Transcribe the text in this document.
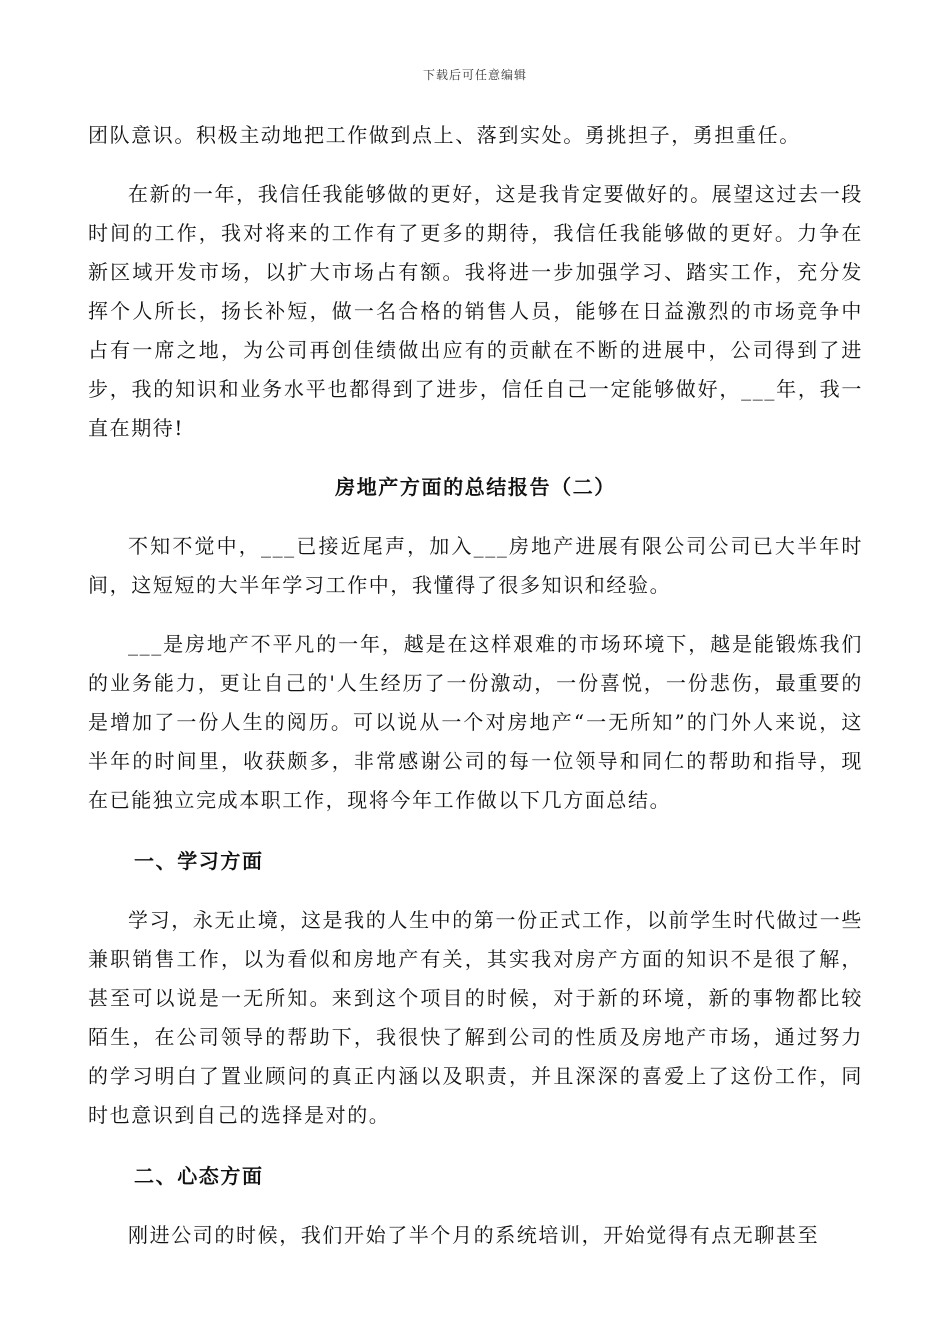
下载后可任意编辑

团队意识。积极主动地把工作做到点上、落到实处。勇挑担子，勇担重任。

在新的一年，我信任我能够做的更好，这是我肯定要做好的。展望这过去一段时间的工作，我对将来的工作有了更多的期待，我信任我能够做的更好。力争在新区域开发市场，以扩大市场占有额。我将进一步加强学习、踏实工作，充分发挥个人所长，扬长补短，做一名合格的销售人员，能够在日益激烈的市场竞争中占有一席之地，为公司再创佳绩做出应有的贡献在不断的进展中，公司得到了进步，我的知识和业务水平也都得到了进步，信任自己一定能够做好，___年，我一直在期待!

房地产方面的总结报告（二）

不知不觉中，___已接近尾声，加入___房地产进展有限公司公司已大半年时间，这短短的大半年学习工作中，我懂得了很多知识和经验。

___是房地产不平凡的一年，越是在这样艰难的市场环境下，越是能锻炼我们的业务能力，更让自己的'人生经历了一份激动，一份喜悦，一份悲伤，最重要的是增加了一份人生的阅历。可以说从一个对房地产“一无所知”的门外人来说，这半年的时间里，收获颇多，非常感谢公司的每一位领导和同仁的帮助和指导，现在已能独立完成本职工作，现将今年工作做以下几方面总结。

一、学习方面

学习，永无止境，这是我的人生中的第一份正式工作，以前学生时代做过一些兼职销售工作，以为看似和房地产有关，其实我对房产方面的知识不是很了解，甚至可以说是一无所知。来到这个项目的时候，对于新的环境，新的事物都比较陌生，在公司领导的帮助下，我很快了解到公司的性质及房地产市场，通过努力的学习明白了置业顾问的真正内涵以及职责，并且深深的喜爱上了这份工作，同时也意识到自己的选择是对的。

二、心态方面

刚进公司的时候，我们开始了半个月的系统培训，开始觉得有点无聊甚至
